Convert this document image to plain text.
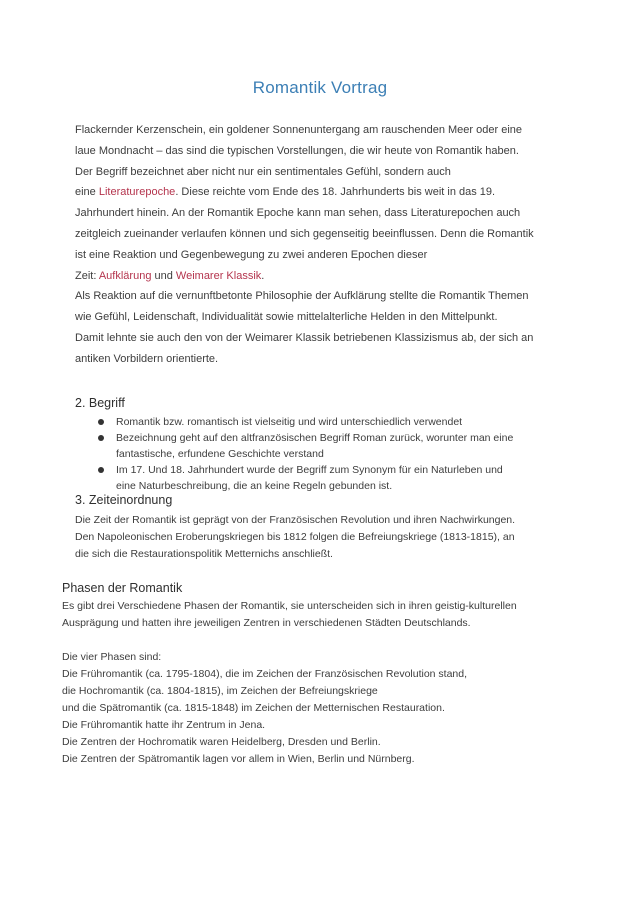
Romantik Vortrag

Flackernder Kerzenschein, ein goldener Sonnenuntergang am rauschenden Meer oder eine

laue Mondnacht – das sind die typischen Vorstellungen, die wir heute von Romantik haben.

Der Begriff bezeichnet aber nicht nur ein sentimentales Gefühl, sondern auch

eine Literaturepoche. Diese reichte vom Ende des 18. Jahrhunderts bis weit in das 19.

Jahrhundert hinein. An der Romantik Epoche kann man sehen, dass Literaturepochen auch

zeitgleich zueinander verlaufen können und sich gegenseitig beeinflussen. Denn die Romantik

ist eine Reaktion und Gegenbewegung zu zwei anderen Epochen dieser

Zeit: Aufklärung und Weimarer Klassik.

Als Reaktion auf die vernunftbetonte Philosophie der Aufklärung stellte die Romantik Themen

wie Gefühl, Leidenschaft, Individualität sowie mittelalterliche Helden in den Mittelpunkt.

Damit lehnte sie auch den von der Weimarer Klassik betriebenen Klassizismus ab, der sich an

antiken Vorbildern orientierte.

2. Begriff
Romantik bzw. romantisch ist vielseitig und wird unterschiedlich verwendet
Bezeichnung geht auf den altfranzösischen Begriff Roman zurück, worunter man eine
fantastische, erfundene Geschichte verstand
Im 17. Und 18. Jahrhundert wurde der Begriff zum Synonym für ein Naturleben und
eine Naturbeschreibung, die an keine Regeln gebunden ist.
3. Zeiteinordnung

Die Zeit der Romantik ist geprägt von der Französischen Revolution und ihren Nachwirkungen.

Den Napoleonischen Eroberungskriegen bis 1812 folgen die Befreiungskriege (1813-1815), an

die sich die Restaurationspolitik Metternichs anschließt.

Phasen der Romantik

Es gibt drei Verschiedene Phasen der Romantik, sie unterscheiden sich in ihren geistig-kulturellen

Ausprägung und hatten ihre jeweiligen Zentren in verschiedenen Städten Deutschlands.

Die vier Phasen sind:

Die Frühromantik (ca. 1795-1804), die im Zeichen der Französischen Revolution stand,

die Hochromantik (ca. 1804-1815), im Zeichen der Befreiungskriege

und die Spätromantik (ca. 1815-1848) im Zeichen der Metternischen Restauration.

Die Frühromantik hatte ihr Zentrum in Jena.

Die Zentren der Hochromatik waren Heidelberg, Dresden und Berlin.

Die Zentren der Spätromantik lagen vor allem in Wien, Berlin und Nürnberg.
